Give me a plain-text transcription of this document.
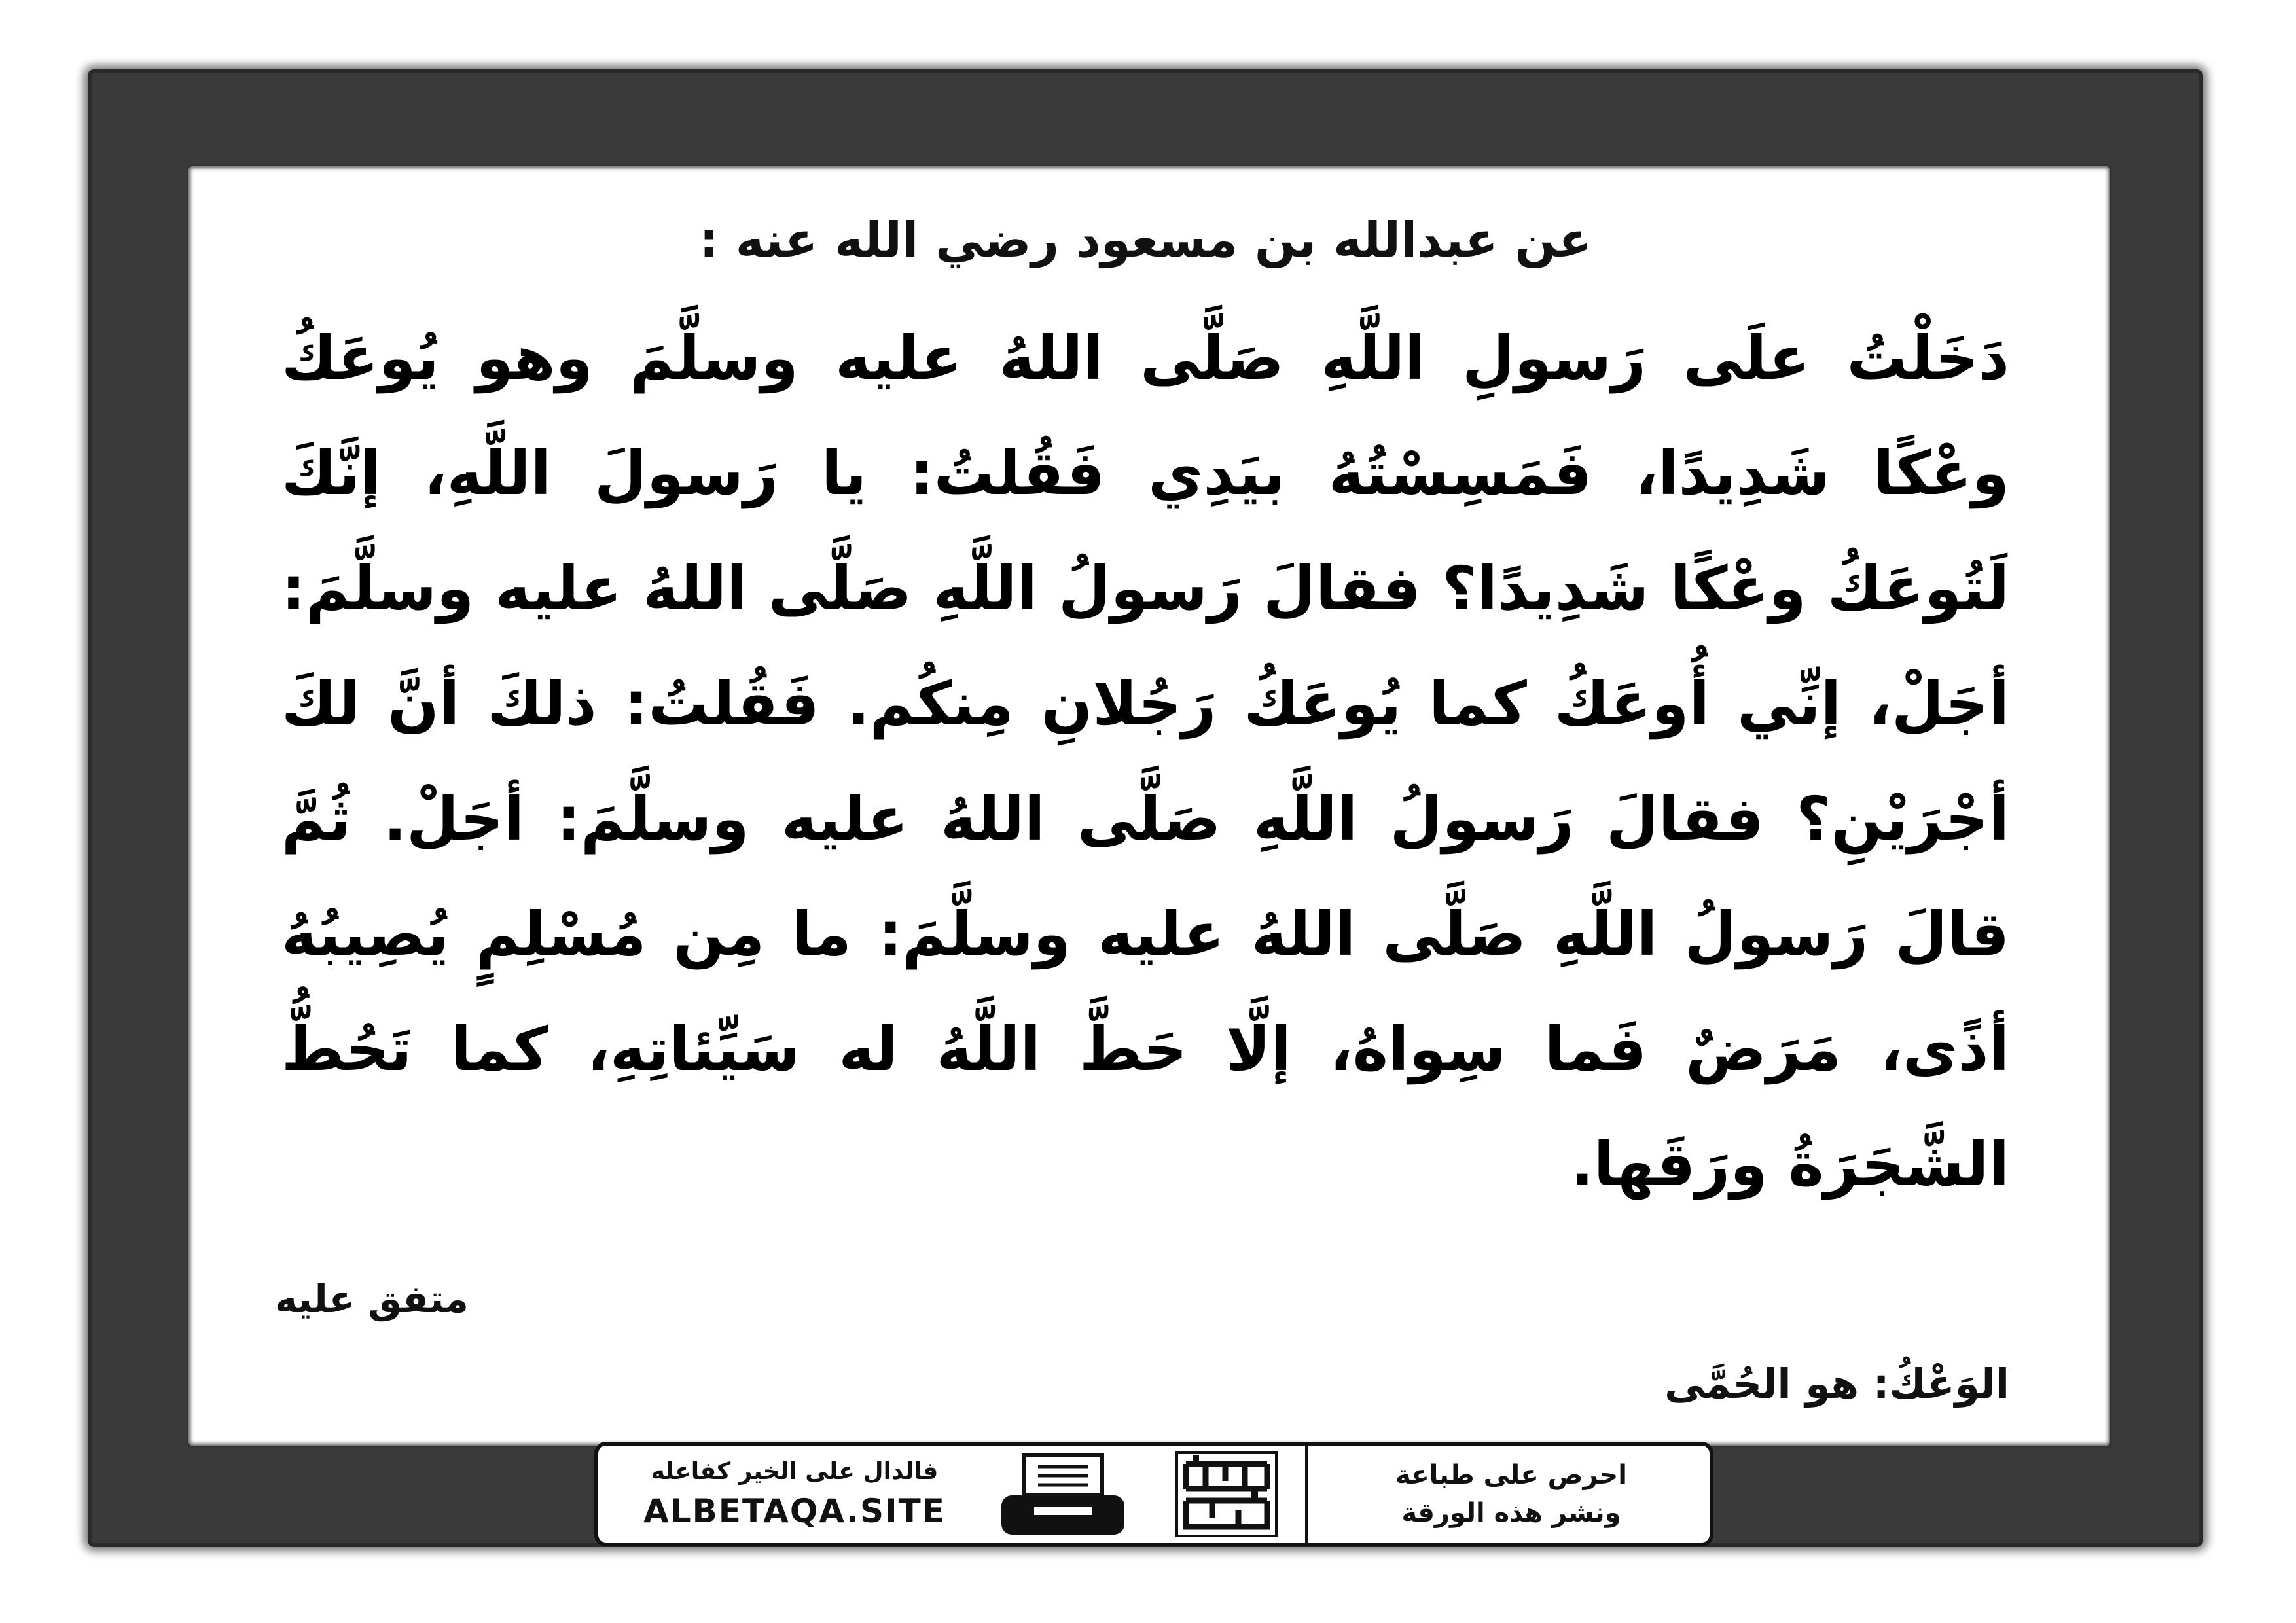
عن عبدالله بن مسعود رضي الله عنه :
دَخَلْتُ علَى رَسولِ اللَّهِ صَلَّى اللهُ عليه وسلَّمَ وهو يُوعَكُ وعْكًا شَدِيدًا، فَمَسِسْتُهُ بيَدِي فَقُلتُ: يا رَسولَ اللَّهِ، إنَّكَ لَتُوعَكُ وعْكًا شَدِيدًا؟ فقالَ رَسولُ اللَّهِ صَلَّى اللهُ عليه وسلَّمَ: أجَلْ، إنِّي أُوعَكُ كما يُوعَكُ رَجُلانِ مِنكُم. فَقُلتُ: ذلكَ أنَّ لكَ أجْرَيْنِ؟ فقالَ رَسولُ اللَّهِ صَلَّى اللهُ عليه وسلَّمَ: أجَلْ. ثُمَّ قالَ رَسولُ اللَّهِ صَلَّى اللهُ عليه وسلَّمَ: ما مِن مُسْلِمٍ يُصِيبُهُ أذًى، مَرَضٌ فَما سِواهُ، إلَّا حَطَّ اللَّهُ له سَيِّئاتِهِ، كما تَحُطُّ الشَّجَرَةُ ورَقَها.
متفق عليه
الوَعْكُ: هو الحُمَّى
فالدال على الخير كفاعله
ALBETAQA.SITE
احرص على طباعة
ونشر هذه الورقة
